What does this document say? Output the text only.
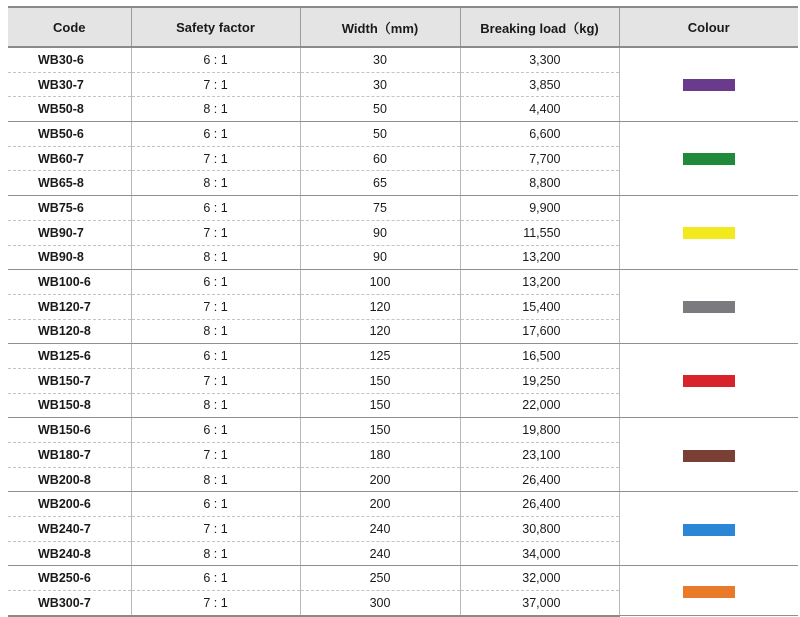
Code	Safety factor	Width（mm)	Breaking load（kg)	Colour
WB30-6	6 : 1	30	3,300	
WB30-7	7 : 1	30	3,850	
WB50-8	8 : 1	50	4,400	
WB50-6	6 : 1	50	6,600	
WB60-7	7 : 1	60	7,700	
WB65-8	8 : 1	65	8,800	
WB75-6	6 : 1	75	9,900	
WB90-7	7 : 1	90	11,550	
WB90-8	8 : 1	90	13,200	
WB100-6	6 : 1	100	13,200	
WB120-7	7 : 1	120	15,400	
WB120-8	8 : 1	120	17,600	
WB125-6	6 : 1	125	16,500	
WB150-7	7 : 1	150	19,250	
WB150-8	8 : 1	150	22,000	
WB150-6	6 : 1	150	19,800	
WB180-7	7 : 1	180	23,100	
WB200-8	8 : 1	200	26,400	
WB200-6	6 : 1	200	26,400	
WB240-7	7 : 1	240	30,800	
WB240-8	8 : 1	240	34,000	
WB250-6	6 : 1	250	32,000	
WB300-7	7 : 1	300	37,000	
